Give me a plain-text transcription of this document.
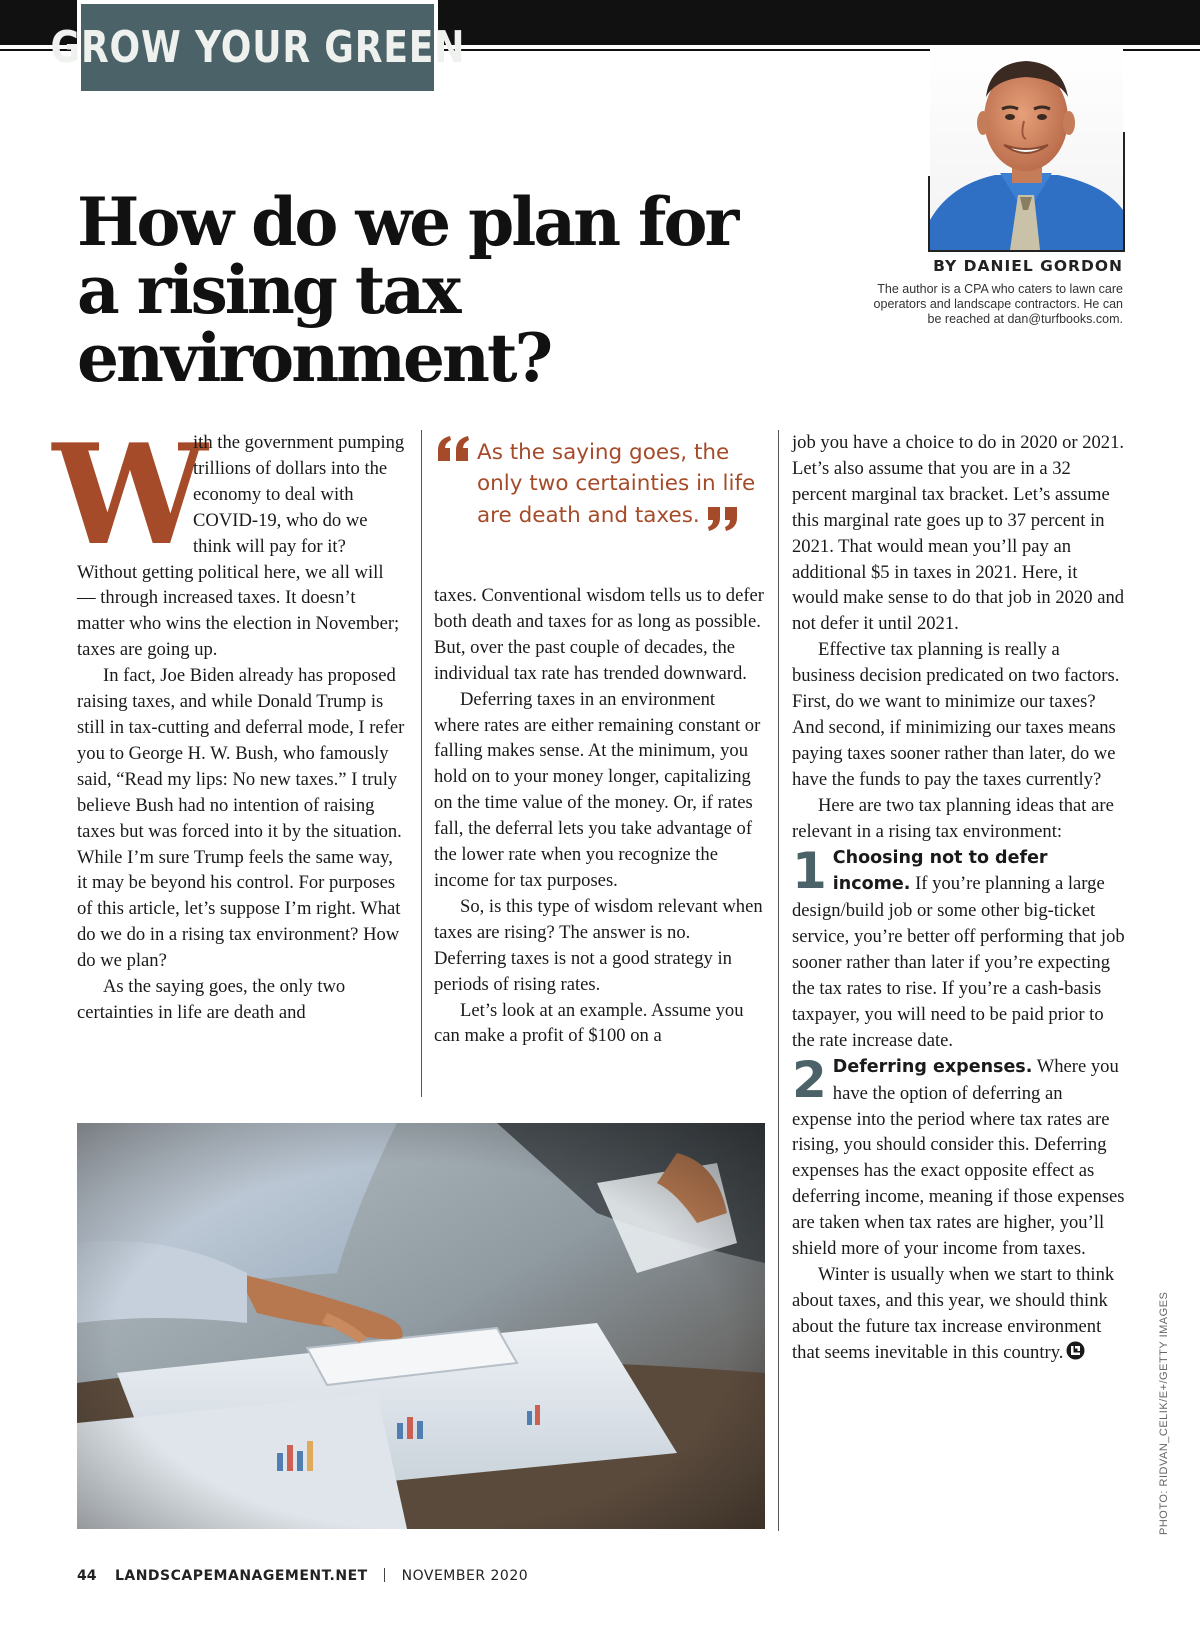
GROW YOUR GREEN
How do we plan for a rising tax environment?
BY DANIEL GORDON
The author is a CPA who caters to lawn care operators and landscape contractors. He can be reached at dan@turfbooks.com.
W

ith the government pumping trillions of dollars into the economy to deal with COVID-19, who do we think will pay for it? Without getting political here, we all will — through increased taxes. It doesn’t matter who wins the election in November; taxes are going up.

In fact, Joe Biden already has proposed raising taxes, and while Donald Trump is still in tax-cutting and deferral mode, I refer you to George H. W. Bush, who famously said, “Read my lips: No new taxes.” I truly believe Bush had no intention of raising taxes but was forced into it by the situation. While I’m sure Trump feels the same way, it may be beyond his control. For purposes of this article, let’s suppose I’m right. What do we do in a rising tax environment? How do we plan?

As the saying goes, the only two certainties in life are death and

As the saying goes, the only two certainties in life are death and taxes.

taxes. Conventional wisdom tells us to defer both death and taxes for as long as possible. But, over the past couple of decades, the individual tax rate has trended downward.

Deferring taxes in an environment where rates are either remaining constant or falling makes sense. At the minimum, you hold on to your money longer, capitalizing on the time value of the money. Or, if rates fall, the deferral lets you take advantage of the lower rate when you recognize the income for tax purposes.

So, is this type of wisdom relevant when taxes are rising? The answer is no. Deferring taxes is not a good strategy in periods of rising rates.

Let’s look at an example. Assume you can make a profit of $100 on a

job you have a choice to do in 2020 or 2021. Let’s also assume that you are in a 32 percent marginal tax bracket. Let’s assume this marginal rate goes up to 37 percent in 2021. That would mean you’ll pay an additional $5 in taxes in 2021. Here, it would make sense to do that job in 2020 and not defer it until 2021.

Effective tax planning is really a business decision predicated on two factors. First, do we want to minimize our taxes? And second, if minimizing our taxes means paying taxes sooner rather than later, do we have the funds to pay the taxes currently?

Here are two tax planning ideas that are relevant in a rising tax environment:

1 Choosing not to defer income. If you’re planning a large design/build job or some other big-ticket service, you’re better off performing that job sooner rather than later if you’re expecting the tax rates to rise. If you’re a cash-basis taxpayer, you will need to be paid prior to the rate increase date.

2 Deferring expenses. Where you have the option of deferring an expense into the period where tax rates are rising, you should consider this. Deferring expenses has the exact opposite effect as deferring income, meaning if those expenses are taken when tax rates are higher, you’ll shield more of your income from taxes.

Winter is usually when we start to think about taxes, and this year, we should think about the future tax increase environment that seems inevitable in this country.	PHOTO: RIDVAN_CELIK/E+/GETTY IMAGES
44 LANDSCAPEMANAGEMENT.NET NOVEMBER 2020
